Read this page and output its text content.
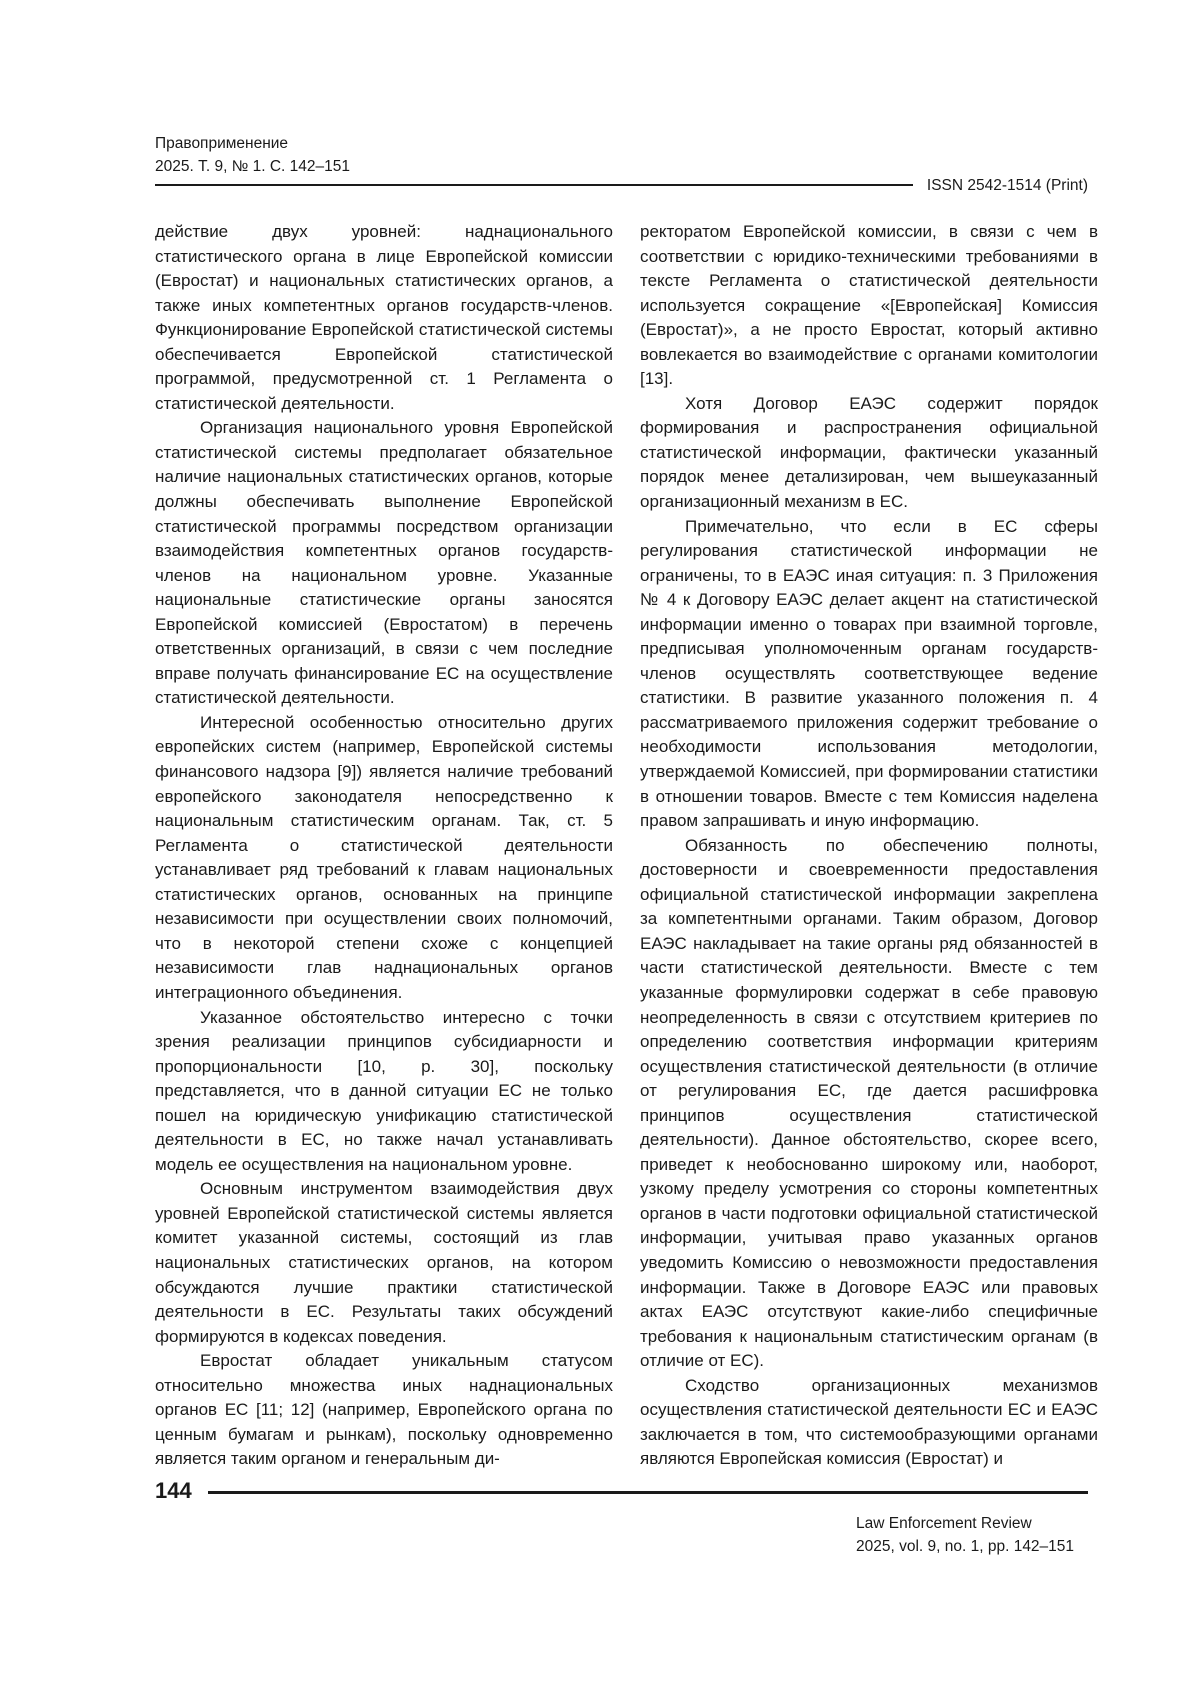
Правоприменение
2025. Т. 9, № 1. С. 142–151
ISSN 2542-1514 (Print)

действие двух уровней: наднационального статистического органа в лице Европейской комиссии (Евростат) и национальных статистических органов, а также иных компетентных органов государств-членов. Функционирование Европейской статистической системы обеспечивается Европейской статистической программой, предусмотренной ст. 1 Регламента о статистической деятельности.

Организация национального уровня Европейской статистической системы предполагает обязательное наличие национальных статистических органов, которые должны обеспечивать выполнение Европейской статистической программы посредством организации взаимодействия компетентных органов государств-членов на национальном уровне. Указанные национальные статистические органы заносятся Европейской комиссией (Евростатом) в перечень ответственных организаций, в связи с чем последние вправе получать финансирование ЕС на осуществление статистической деятельности.

Интересной особенностью относительно других европейских систем (например, Европейской системы финансового надзора [9]) является наличие требований европейского законодателя непосредственно к национальным статистическим органам. Так, ст. 5 Регламента о статистической деятельности устанавливает ряд требований к главам национальных статистических органов, основанных на принципе независимости при осуществлении своих полномочий, что в некоторой степени схоже с концепцией независимости глав наднациональных органов интеграционного объединения.

Указанное обстоятельство интересно с точки зрения реализации принципов субсидиарности и пропорциональности [10, p. 30], поскольку представляется, что в данной ситуации ЕС не только пошел на юридическую унификацию статистической деятельности в ЕС, но также начал устанавливать модель ее осуществления на национальном уровне.

Основным инструментом взаимодействия двух уровней Европейской статистической системы является комитет указанной системы, состоящий из глав национальных статистических органов, на котором обсуждаются лучшие практики статистической деятельности в ЕС. Результаты таких обсуждений формируются в кодексах поведения.

Евростат обладает уникальным статусом относительно множества иных наднациональных органов ЕС [11; 12] (например, Европейского органа по ценным бумагам и рынкам), поскольку одновременно является таким органом и генеральным ди-

ректоратом Европейской комиссии, в связи с чем в соответствии с юридико-техническими требованиями в тексте Регламента о статистической деятельности используется сокращение «[Европейская] Комиссия (Евростат)», а не просто Евростат, который активно вовлекается во взаимодействие с органами комитологии [13].

Хотя Договор ЕАЭС содержит порядок формирования и распространения официальной статистической информации, фактически указанный порядок менее детализирован, чем вышеуказанный организационный механизм в ЕС.

Примечательно, что если в ЕС сферы регулирования статистической информации не ограничены, то в ЕАЭС иная ситуация: п. 3 Приложения № 4 к Договору ЕАЭС делает акцент на статистической информации именно о товарах при взаимной торговле, предписывая уполномоченным органам государств-членов осуществлять соответствующее ведение статистики. В развитие указанного положения п. 4 рассматриваемого приложения содержит требование о необходимости использования методологии, утверждаемой Комиссией, при формировании статистики в отношении товаров. Вместе с тем Комиссия наделена правом запрашивать и иную информацию.

Обязанность по обеспечению полноты, достоверности и своевременности предоставления официальной статистической информации закреплена за компетентными органами. Таким образом, Договор ЕАЭС накладывает на такие органы ряд обязанностей в части статистической деятельности. Вместе с тем указанные формулировки содержат в себе правовую неопределенность в связи с отсутствием критериев по определению соответствия информации критериям осуществления статистической деятельности (в отличие от регулирования ЕС, где дается расшифровка принципов осуществления статистической деятельности). Данное обстоятельство, скорее всего, приведет к необоснованно широкому или, наоборот, узкому пределу усмотрения со стороны компетентных органов в части подготовки официальной статистической информации, учитывая право указанных органов уведомить Комиссию о невозможности предоставления информации. Также в Договоре ЕАЭС или правовых актах ЕАЭС отсутствуют какие-либо специфичные требования к национальным статистическим органам (в отличие от ЕС).

Сходство организационных механизмов осуществления статистической деятельности ЕС и ЕАЭС заключается в том, что системообразующими органами являются Европейская комиссия (Евростат) и

144
Law Enforcement Review
2025, vol. 9, no. 1, pp. 142–151
